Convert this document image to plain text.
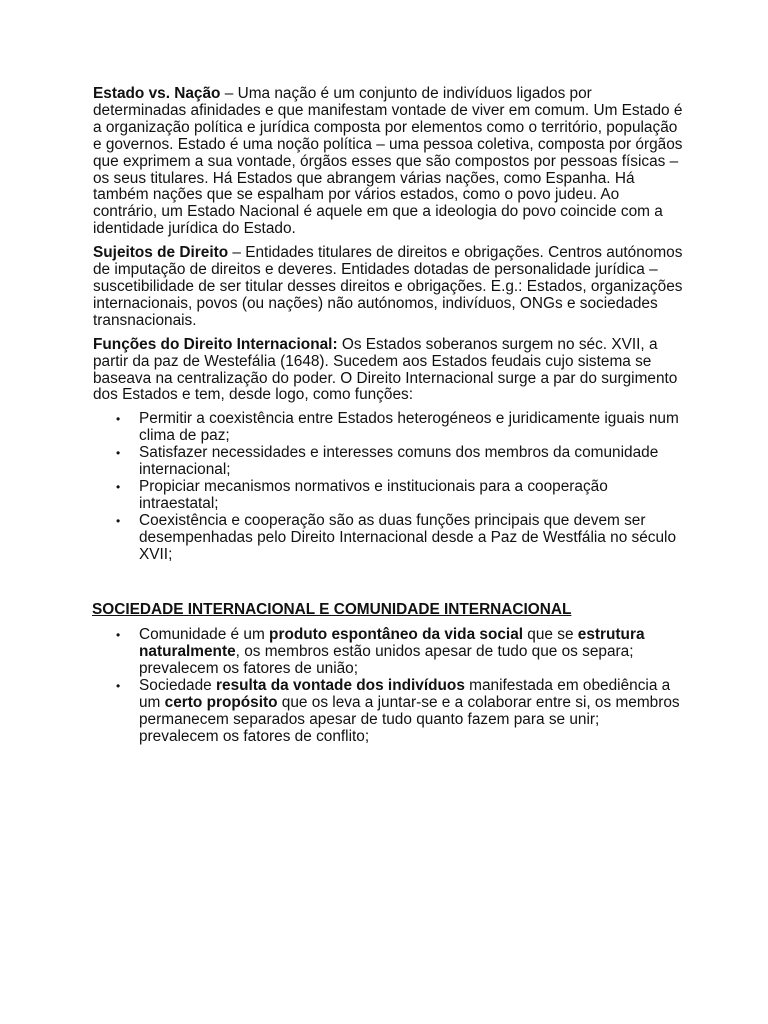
Estado vs. Nação – Uma nação é um conjunto de indivíduos ligados por determinadas afinidades e que manifestam vontade de viver em comum. Um Estado é a organização política e jurídica composta por elementos como o território, população e governos. Estado é uma noção política – uma pessoa coletiva, composta por órgãos que exprimem a sua vontade, órgãos esses que são compostos por pessoas físicas – os seus titulares. Há Estados que abrangem várias nações, como Espanha. Há também nações que se espalham por vários estados, como o povo judeu. Ao contrário, um Estado Nacional é aquele em que a ideologia do povo coincide com a identidade jurídica do Estado.

Sujeitos de Direito – Entidades titulares de direitos e obrigações. Centros autónomos de imputação de direitos e deveres. Entidades dotadas de personalidade jurídica – suscetibilidade de ser titular desses direitos e obrigações. E.g.: Estados, organizações internacionais, povos (ou nações) não autónomos, indivíduos, ONGs e sociedades transnacionais.

Funções do Direito Internacional: Os Estados soberanos surgem no séc. XVII, a partir da paz de Westefália (1648). Sucedem aos Estados feudais cujo sistema se baseava na centralização do poder. O Direito Internacional surge a par do surgimento dos Estados e tem, desde logo, como funções:

• Permitir a coexistência entre Estados heterogéneos e juridicamente iguais num clima de paz;
• Satisfazer necessidades e interesses comuns dos membros da comunidade internacional;
• Propiciar mecanismos normativos e institucionais para a cooperação intraestatal;
• Coexistência e cooperação são as duas funções principais que devem ser desempenhadas pelo Direito Internacional desde a Paz de Westfália no século XVII;

SOCIEDADE INTERNACIONAL E COMUNIDADE INTERNACIONAL

• Comunidade é um produto espontâneo da vida social que se estrutura naturalmente, os membros estão unidos apesar de tudo que os separa; prevalecem os fatores de união;
• Sociedade resulta da vontade dos indivíduos manifestada em obediência a um certo propósito que os leva a juntar-se e a colaborar entre si, os membros permanecem separados apesar de tudo quanto fazem para se unir; prevalecem os fatores de conflito;
